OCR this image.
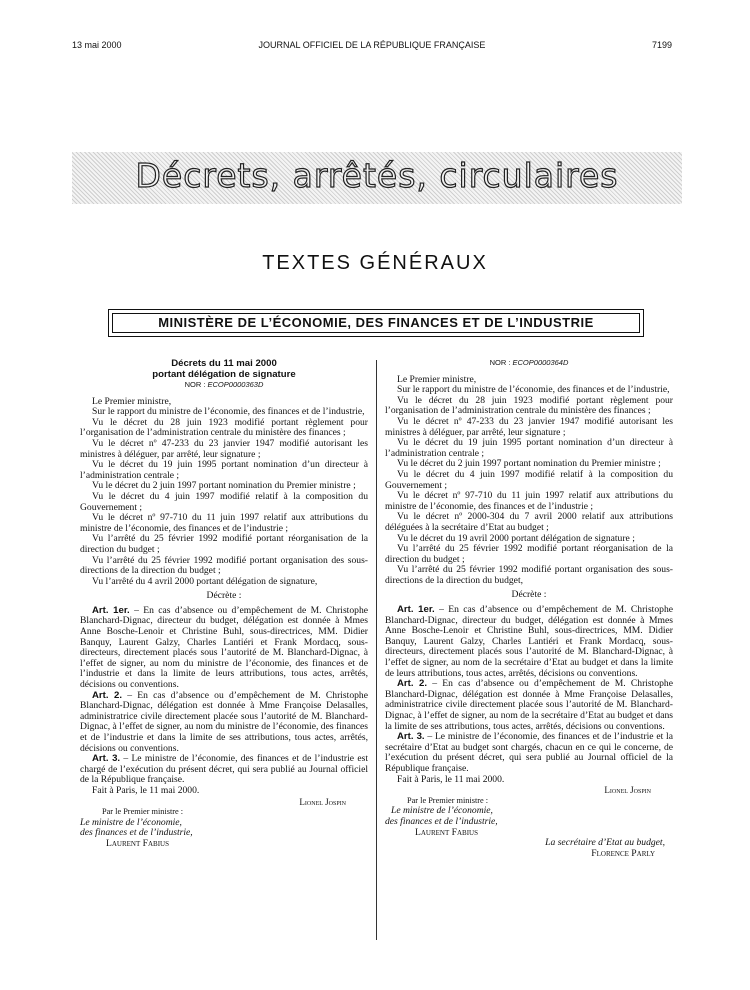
13 mai 2000	JOURNAL OFFICIEL DE LA RÉPUBLIQUE FRANÇAISE	7199
Décrets, arrêtés, circulaires
TEXTES GÉNÉRAUX
MINISTÈRE DE L’ÉCONOMIE, DES FINANCES ET DE L’INDUSTRIE

Décrets du 11 mai 2000

portant délégation de signature

NOR : ECOP0000363D

Le Premier ministre,

Sur le rapport du ministre de l’économie, des finances et de l’industrie,

Vu le décret du 28 juin 1923 modifié portant règlement pour l’organisation de l’administration centrale du ministère des finances ;

Vu le décret nº 47-233 du 23 janvier 1947 modifié autorisant les ministres à déléguer, par arrêté, leur signature ;

Vu le décret du 19 juin 1995 portant nomination d’un directeur à l’administration centrale ;

Vu le décret du 2 juin 1997 portant nomination du Premier ministre ;

Vu le décret du 4 juin 1997 modifié relatif à la composition du Gouvernement ;

Vu le décret nº 97-710 du 11 juin 1997 relatif aux attributions du ministre de l’économie, des finances et de l’industrie ;

Vu l’arrêté du 25 février 1992 modifié portant réorganisation de la direction du budget ;

Vu l’arrêté du 25 février 1992 modifié portant organisation des sous-directions de la direction du budget ;

Vu l’arrêté du 4 avril 2000 portant délégation de signature,

Décrète :

Art. 1er. – En cas d’absence ou d’empêchement de M. Christophe Blanchard-Dignac, directeur du budget, délégation est donnée à Mmes Anne Bosche-Lenoir et Christine Buhl, sous-directrices, MM. Didier Banquy, Laurent Galzy, Charles Lantiéri et Frank Mordacq, sous-directeurs, directement placés sous l’autorité de M. Blanchard-Dignac, à l’effet de signer, au nom du ministre de l’économie, des finances et de l’industrie et dans la limite de leurs attributions, tous actes, arrêtés, décisions ou conventions.

Art. 2. – En cas d’absence ou d’empêchement de M. Christophe Blanchard-Dignac, délégation est donnée à Mme Françoise Delasalles, administratrice civile directement placée sous l’autorité de M. Blanchard-Dignac, à l’effet de signer, au nom du ministre de l’économie, des finances et de l’industrie et dans la limite de ses attributions, tous actes, arrêtés, décisions ou conventions.

Art. 3. – Le ministre de l’économie, des finances et de l’industrie est chargé de l’exécution du présent décret, qui sera publié au Journal officiel de la République française.

Fait à Paris, le 11 mai 2000.

Lionel Jospin

Par le Premier ministre :

Le ministre de l’économie,

des finances et de l’industrie,

Laurent Fabius

NOR : ECOP0000364D

Le Premier ministre,

Sur le rapport du ministre de l’économie, des finances et de l’industrie,

Vu le décret du 28 juin 1923 modifié portant règlement pour l’organisation de l’administration centrale du ministère des finances ;

Vu le décret nº 47-233 du 23 janvier 1947 modifié autorisant les ministres à déléguer, par arrêté, leur signature ;

Vu le décret du 19 juin 1995 portant nomination d’un directeur à l’administration centrale ;

Vu le décret du 2 juin 1997 portant nomination du Premier ministre ;

Vu le décret du 4 juin 1997 modifié relatif à la composition du Gouvernement ;

Vu le décret nº 97-710 du 11 juin 1997 relatif aux attributions du ministre de l’économie, des finances et de l’industrie ;

Vu le décret nº 2000-304 du 7 avril 2000 relatif aux attributions déléguées à la secrétaire d’Etat au budget ;

Vu le décret du 19 avril 2000 portant délégation de signature ;

Vu l’arrêté du 25 février 1992 modifié portant réorganisation de la direction du budget ;

Vu l’arrêté du 25 février 1992 modifié portant organisation des sous-directions de la direction du budget,

Décrète :

Art. 1er. – En cas d’absence ou d’empêchement de M. Christophe Blanchard-Dignac, directeur du budget, délégation est donnée à Mmes Anne Bosche-Lenoir et Christine Buhl, sous-directrices, MM. Didier Banquy, Laurent Galzy, Charles Lantiéri et Frank Mordacq, sous-directeurs, directement placés sous l’autorité de M. Blanchard-Dignac, à l’effet de signer, au nom de la secrétaire d’Etat au budget et dans la limite de leurs attributions, tous actes, arrêtés, décisions ou conventions.

Art. 2. – En cas d’absence ou d’empêchement de M. Christophe Blanchard-Dignac, délégation est donnée à Mme Françoise Delasalles, administratrice civile directement placée sous l’autorité de M. Blanchard-Dignac, à l’effet de signer, au nom de la secrétaire d’Etat au budget et dans la limite de ses attributions, tous actes, arrêtés, décisions ou conventions.

Art. 3. – Le ministre de l’économie, des finances et de l’industrie et la secrétaire d’Etat au budget sont chargés, chacun en ce qui le concerne, de l’exécution du présent décret, qui sera publié au Journal officiel de la République française.

Fait à Paris, le 11 mai 2000.

Lionel Jospin

Par le Premier ministre :

Le ministre de l’économie,

des finances et de l’industrie,

Laurent Fabius

La secrétaire d’Etat au budget,

Florence Parly
